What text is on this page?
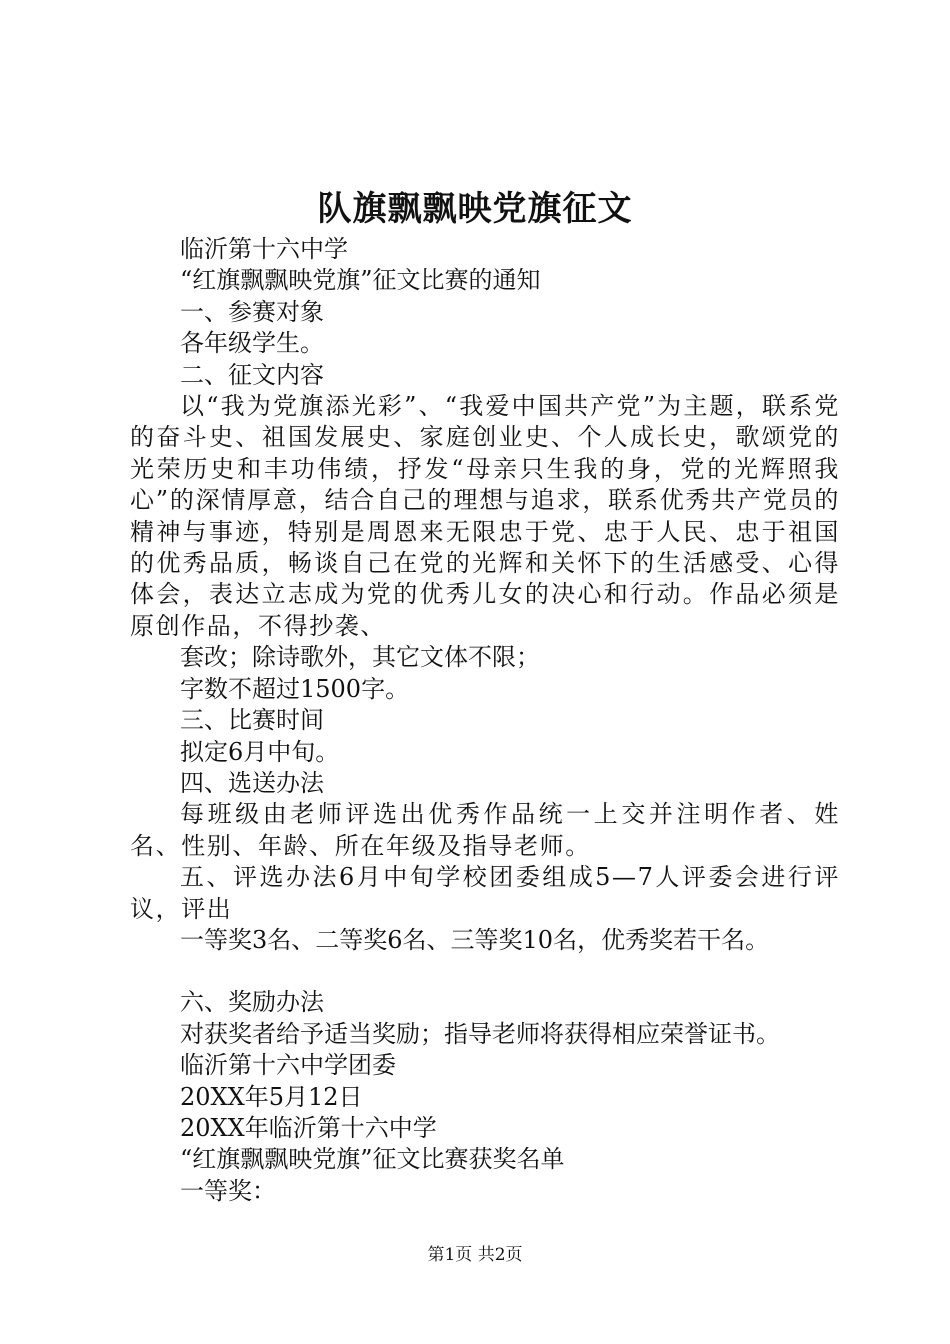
队旗飘飘映党旗征文

临沂第十六中学

“红旗飘飘映党旗”征文比赛的通知

一、参赛对象

各年级学生。

二、征文内容

以“我为党旗添光彩”、“我爱中国共产党”为主题，联系党的奋斗史、祖国发展史、家庭创业史、个人成长史，歌颂党的光荣历史和丰功伟绩，抒发“母亲只生我的身，党的光辉照我心”的深情厚意，结合自己的理想与追求，联系优秀共产党员的精神与事迹，特别是周恩来无限忠于党、忠于人民、忠于祖国的优秀品质，畅谈自己在党的光辉和关怀下的生活感受、心得体会，表达立志成为党的优秀儿女的决心和行动。作品必须是原创作品，不得抄袭、

套改；除诗歌外，其它文体不限；

字数不超过1500字。

三、比赛时间

拟定6月中旬。

四、选送办法

每班级由老师评选出优秀作品统一上交并注明作者、姓名、性别、年龄、所在年级及指导老师。

五、评选办法6月中旬学校团委组成5—7人评委会进行评议，评出

一等奖3名、二等奖6名、三等奖10名，优秀奖若干名。

六、奖励办法

对获奖者给予适当奖励；指导老师将获得相应荣誉证书。

临沂第十六中学团委

20XX年5月12日

20XX年临沂第十六中学

“红旗飘飘映党旗”征文比赛获奖名单

一等奖：

第1页 共2页
